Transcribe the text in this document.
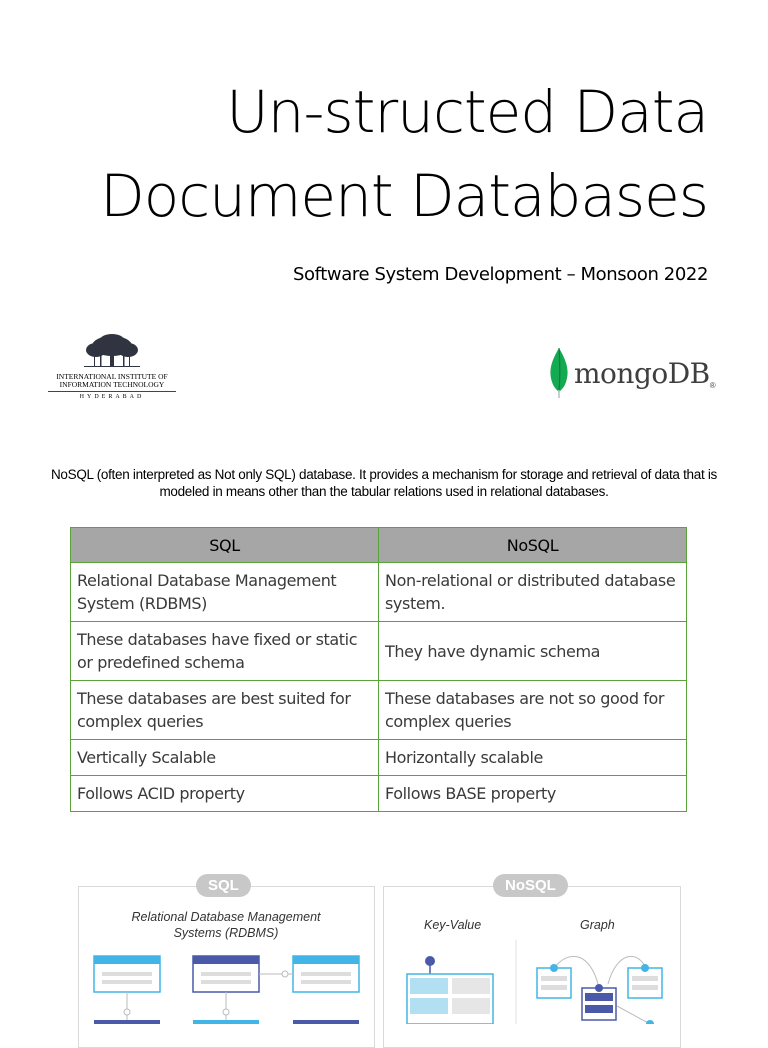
Un-structed Data
Document Databases
Software System Development – Monsoon 2022
INTERNATIONAL INSTITUTE OF
INFORMATION TECHNOLOGY
HYDERABAD
mongoDB ®
NoSQL (often interpreted as Not only SQL) database. It provides a mechanism for storage and retrieval of data that is modeled in means other than the tabular relations used in relational databases.
SQL	NoSQL
Relational Database Management System (RDBMS)	Non-relational or distributed database system.
These databases have fixed or static or predefined schema	They have dynamic schema
These databases are best suited for complex queries	These databases are not so good for complex queries
Vertically Scalable	Horizontally scalable
Follows ACID property	Follows BASE property
SQL	NoSQL
Relational Database Management Systems (RDBMS)
Key-Value	Graph
